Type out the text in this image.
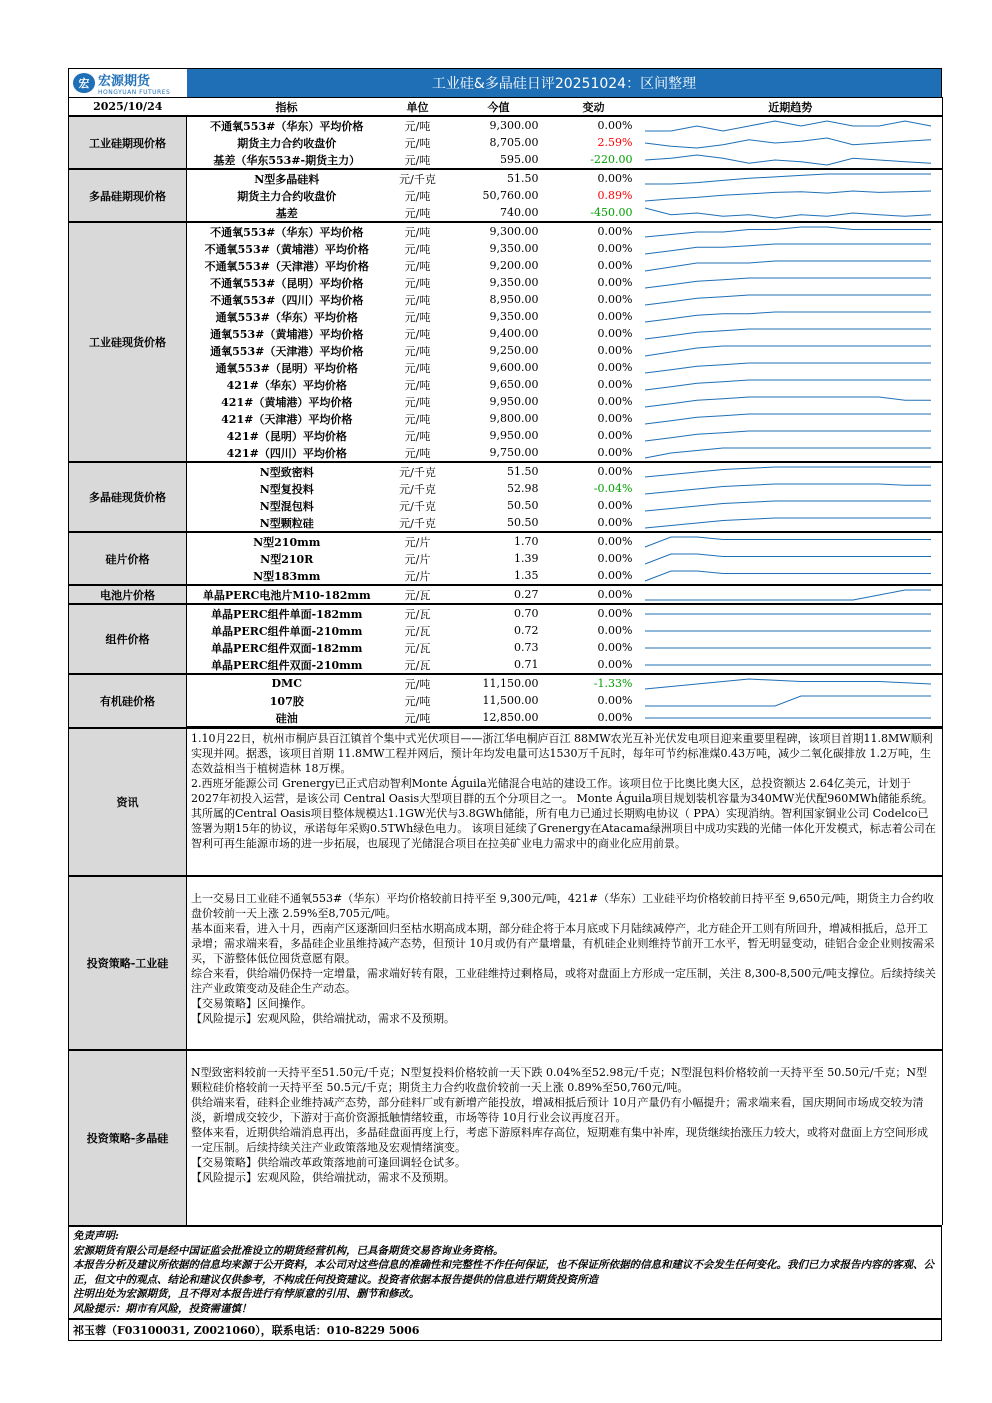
宏 宏源期货
HONGYUAN FUTURES
工业硅&多晶硅日评20251024：区间整理
2025/10/24	指标	单位	今值	变动	近期趋势
工业硅期现价格	不通氧553#（华东）平均价格	元/吨	9,300.00	0.00%	

	期货主力合约收盘价	元/吨	8,705.00	2.59%	

	基差（华东553#-期货主力）	元/吨	595.00	-220.00	

多晶硅期现价格	N型多晶硅料	元/千克	51.50	0.00%	

	期货主力合约收盘价	元/吨	50,760.00	0.89%	

	基差	元/吨	740.00	-450.00	

工业硅现货价格	不通氧553#（华东）平均价格	元/吨	9,300.00	0.00%	

	不通氧553#（黄埔港）平均价格	元/吨	9,350.00	0.00%	

	不通氧553#（天津港）平均价格	元/吨	9,200.00	0.00%	

	不通氧553#（昆明）平均价格	元/吨	9,350.00	0.00%	

	不通氧553#（四川）平均价格	元/吨	8,950.00	0.00%	

	通氧553#（华东）平均价格	元/吨	9,350.00	0.00%	

	通氧553#（黄埔港）平均价格	元/吨	9,400.00	0.00%	

	通氧553#（天津港）平均价格	元/吨	9,250.00	0.00%	

	通氧553#（昆明）平均价格	元/吨	9,600.00	0.00%	

	421#（华东）平均价格	元/吨	9,650.00	0.00%	

	421#（黄埔港）平均价格	元/吨	9,950.00	0.00%	

	421#（天津港）平均价格	元/吨	9,800.00	0.00%	

	421#（昆明）平均价格	元/吨	9,950.00	0.00%	

	421#（四川）平均价格	元/吨	9,750.00	0.00%	

多晶硅现货价格	N型致密料	元/千克	51.50	0.00%	

	N型复投料	元/千克	52.98	-0.04%	

	N型混包料	元/千克	50.50	0.00%	

	N型颗粒硅	元/千克	50.50	0.00%	

硅片价格	N型210mm	元/片	1.70	0.00%	

	N型210R	元/片	1.39	0.00%	

	N型183mm	元/片	1.35	0.00%	

电池片价格	单晶PERC电池片M10-182mm	元/瓦	0.27	0.00%	

组件价格	单晶PERC组件单面-182mm	元/瓦	0.70	0.00%	

	单晶PERC组件单面-210mm	元/瓦	0.72	0.00%	

	单晶PERC组件双面-182mm	元/瓦	0.73	0.00%	

	单晶PERC组件双面-210mm	元/瓦	0.71	0.00%	

有机硅价格	DMC	元/吨	11,150.00	-1.33%	

	107胶	元/吨	11,500.00	0.00%	

	硅油	元/吨	12,850.00	0.00%	
资讯	1.10月22日，杭州市桐庐县百江镇首个集中式光伏项目——浙江华电桐庐百江 88MW农光互补光伏发电项目迎来重要里程碑，该项目首期11.8MW顺利实现并网。据悉，该项目首期 11.8MW工程并网后，预计年均发电量可达1530万千瓦时，每年可节约标准煤0.43万吨，减少二氧化碳排放 1.2万吨，生态效益相当于植树造林 18万棵。

2.西班牙能源公司 Grenergy已正式启动智利Monte Águila光储混合电站的建设工作。该项目位于比奥比奥大区，总投资额达 2.64亿美元，计划于2027年初投入运营，是该公司 Central Oasis大型项目群的五个分项目之一。 Monte Águila项目规划装机容量为340MW光伏配960MWh储能系统。其所属的Central Oasis项目整体规模达1.1GW光伏与3.8GWh储能，所有电力已通过长期购电协议（ PPA）实现消纳。智利国家铜业公司 Codelco已签署为期15年的协议，承诺每年采购0.5TWh绿色电力。 该项目延续了Grenergy在Atacama绿洲项目中成功实践的光储一体化开发模式，标志着公司在智利可再生能源市场的进一步拓展，也展现了光储混合项目在拉美矿业电力需求中的商业化应用前景。

投资策略-工业硅	上一交易日工业硅不通氧553#（华东）平均价格较前日持平至 9,300元/吨，421#（华东）工业硅平均价格较前日持平至 9,650元/吨，期货主力合约收盘价较前一天上涨 2.59%至8,705元/吨。

基本面来看，进入十月，西南产区逐渐回归至枯水期高成本期，部分硅企将于本月底或下月陆续减停产，北方硅企开工则有所回升，增减相抵后，总开工录增；需求端来看，多晶硅企业虽维持减产态势，但预计 10月或仍有产量增量，有机硅企业则维持节前开工水平，暂无明显变动，硅铝合金企业则按需采买，下游整体低位囤货意愿有限。

综合来看，供给端仍保持一定增量，需求端好转有限，工业硅维持过剩格局，或将对盘面上方形成一定压制，关注 8,300-8,500元/吨支撑位。后续持续关注产业政策变动及硅企生产动态。

【交易策略】区间操作。

【风险提示】宏观风险，供给端扰动，需求不及预期。

投资策略-多晶硅	N型致密料较前一天持平至51.50元/千克；N型复投料价格较前一天下跌 0.04%至52.98元/千克；N型混包料价格较前一天持平至 50.50元/千克；N型颗粒硅价格较前一天持平至 50.5元/千克；期货主力合约收盘价较前一天上涨 0.89%至50,760元/吨。

供给端来看，硅料企业维持减产态势，部分硅料厂或有新增产能投放，增减相抵后预计 10月产量仍有小幅提升；需求端来看，国庆期间市场成交较为清淡，新增成交较少，下游对于高价资源抵触情绪较重，市场等待 10月行业会议再度召开。

整体来看，近期供给端消息再出，多晶硅盘面再度上行，考虑下游原料库存高位，短期难有集中补库，现货继续抬涨压力较大，或将对盘面上方空间形成一定压制。后续持续关注产业政策落地及宏观情绪演变。

【交易策略】供给端改革政策落地前可逢回调轻仓试多。

【风险提示】宏观风险，供给端扰动，需求不及预期。

免责声明:

宏源期货有限公司是经中国证监会批准设立的期货经营机构，已具备期货交易咨询业务资格。

本报告分析及建议所依据的信息均来源于公开资料，本公司对这些信息的准确性和完整性不作任何保证，也不保证所依据的信息和建议不会发生任何变化。我们已力求报告内容的客观、公正，但文中的观点、结论和建议仅供参考，不构成任何投资建议。投资者依据本报告提供的信息进行期货投资所造

注明出处为宏源期货，且不得对本报告进行有悖原意的引用、删节和修改。

风险提示：期市有风险，投资需谨慎！

祁玉蓉（F03100031, Z0021060），联系电话：010-8229 5006
